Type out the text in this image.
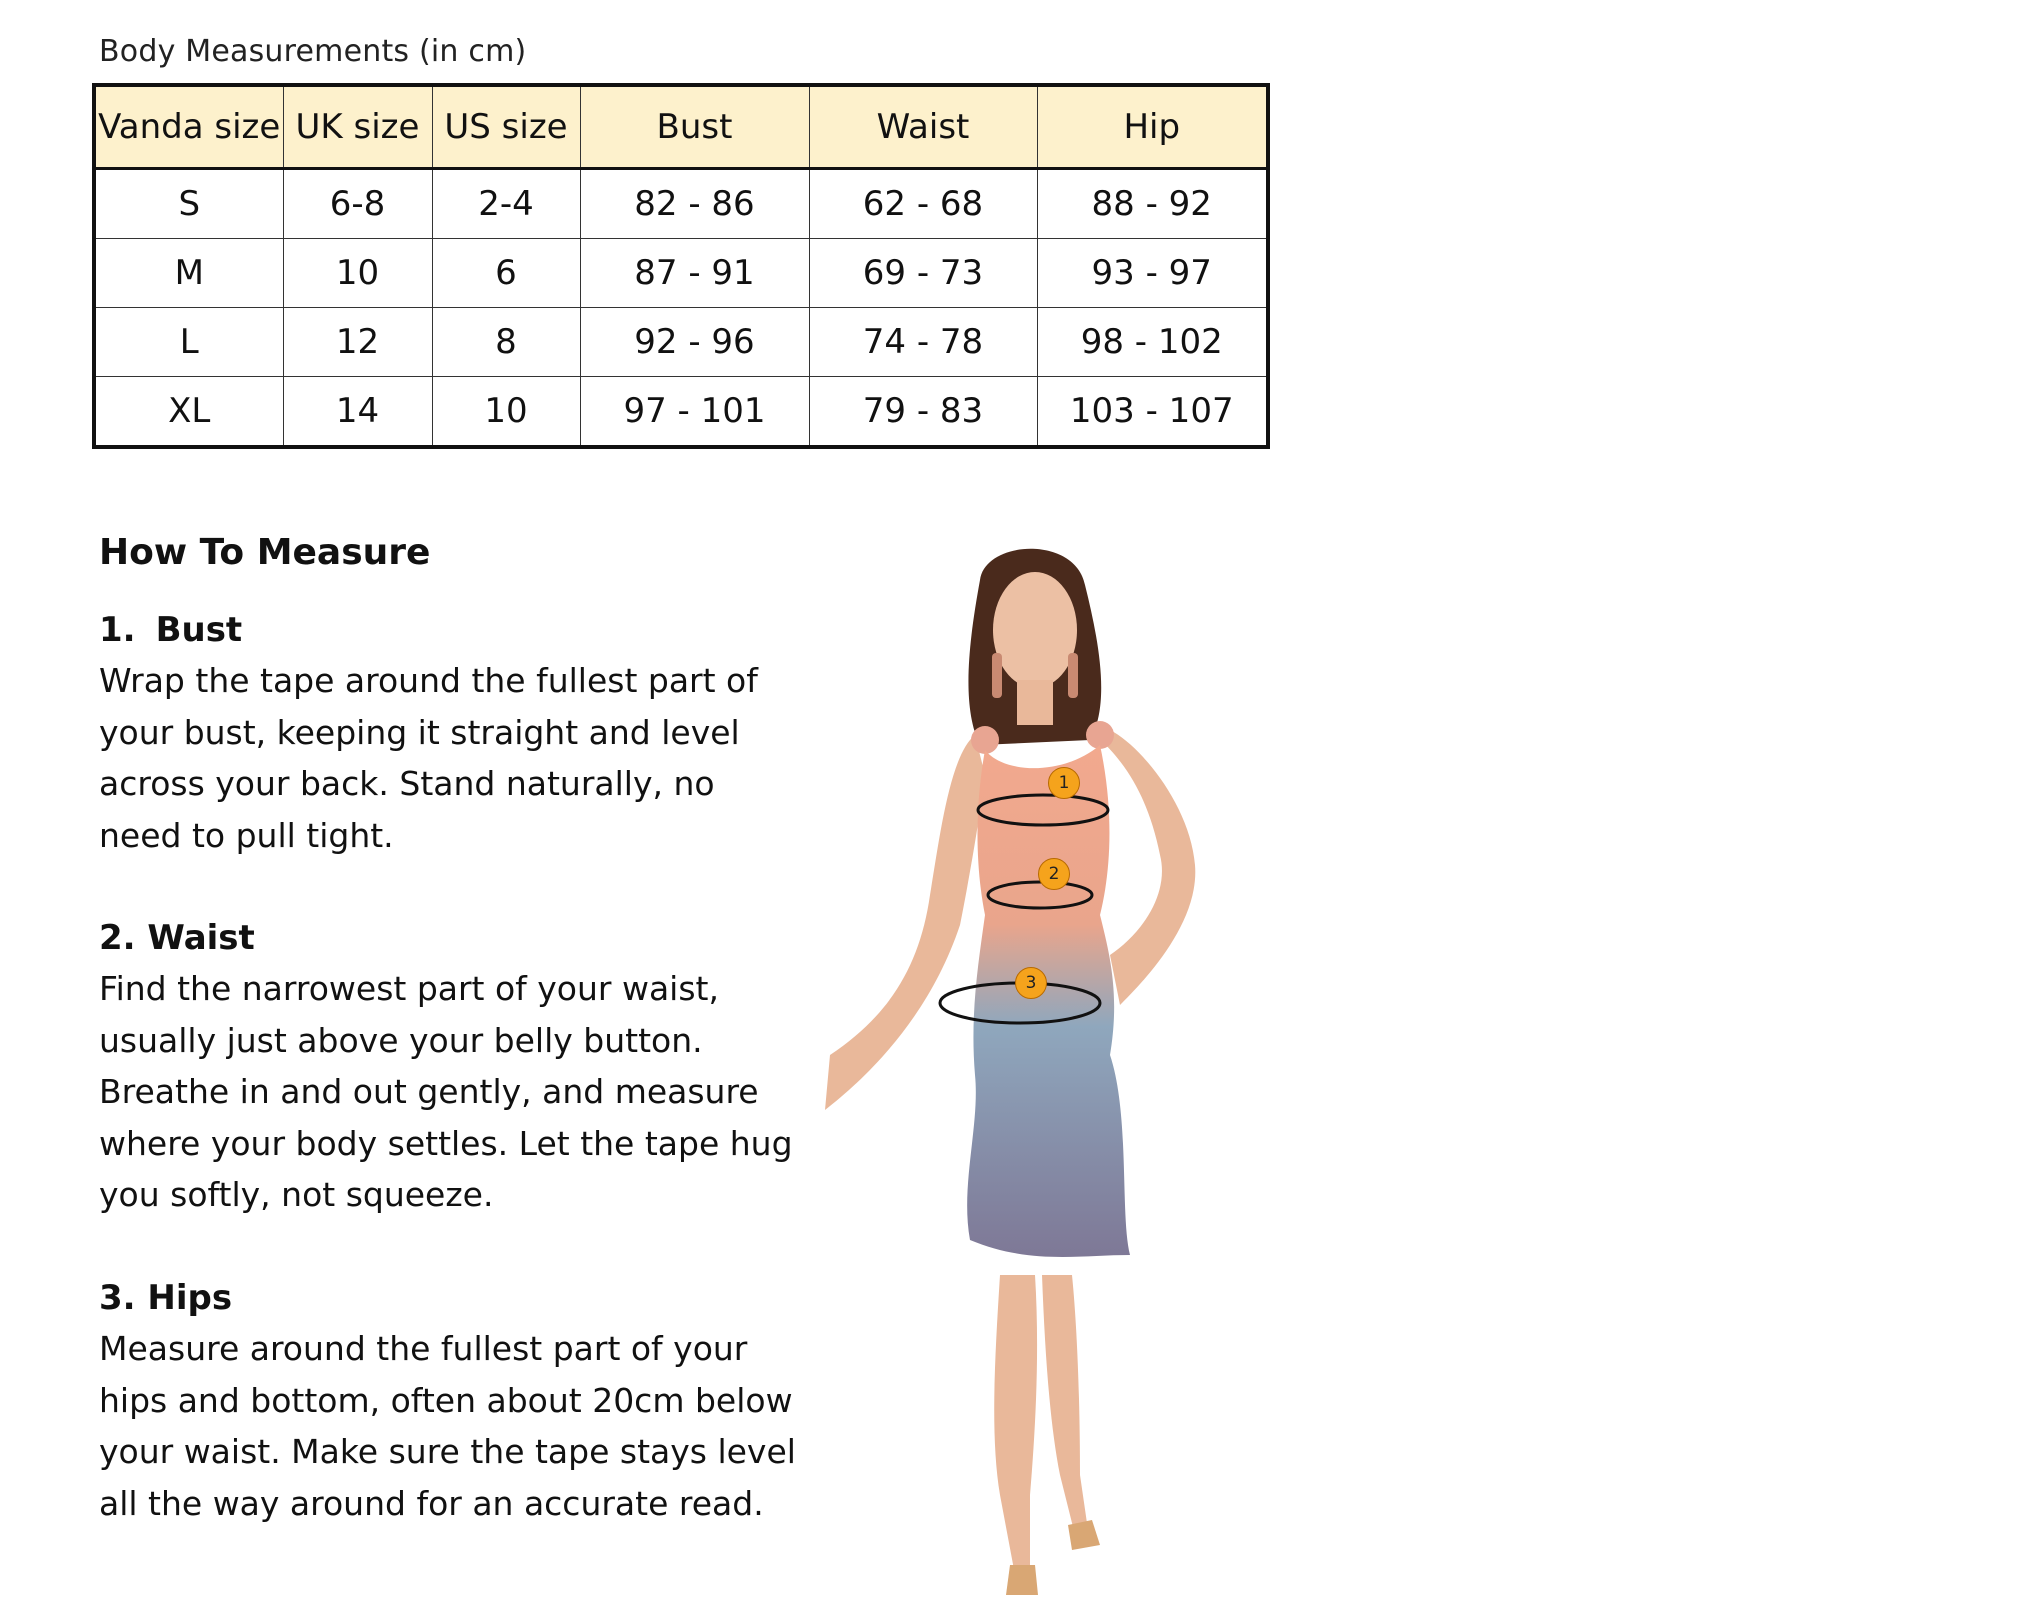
Body Measurements (in cm)
Vanda size	UK size	US size	Bust	Waist	Hip
S	6-8	2-4	82 - 86	62 - 68	88 - 92
M	10	6	87 - 91	69 - 73	93 - 97
L	12	8	92 - 96	74 - 78	98 - 102
XL	14	10	97 - 101	79 - 83	103 - 107
How To Measure
1. Bust

Wrap the tape around the fullest part of your bust, keeping it straight and level across your back. Stand naturally, no need to pull tight.

2. Waist

Find the narrowest part of your waist, usually just above your belly button. Breathe in and out gently, and measure where your body settles. Let the tape hug you softly, not squeeze.

3. Hips

Measure around the fullest part of your hips and bottom, often about 20cm below your waist. Make sure the tape stays level all the way around for an accurate read.

1
2
3
